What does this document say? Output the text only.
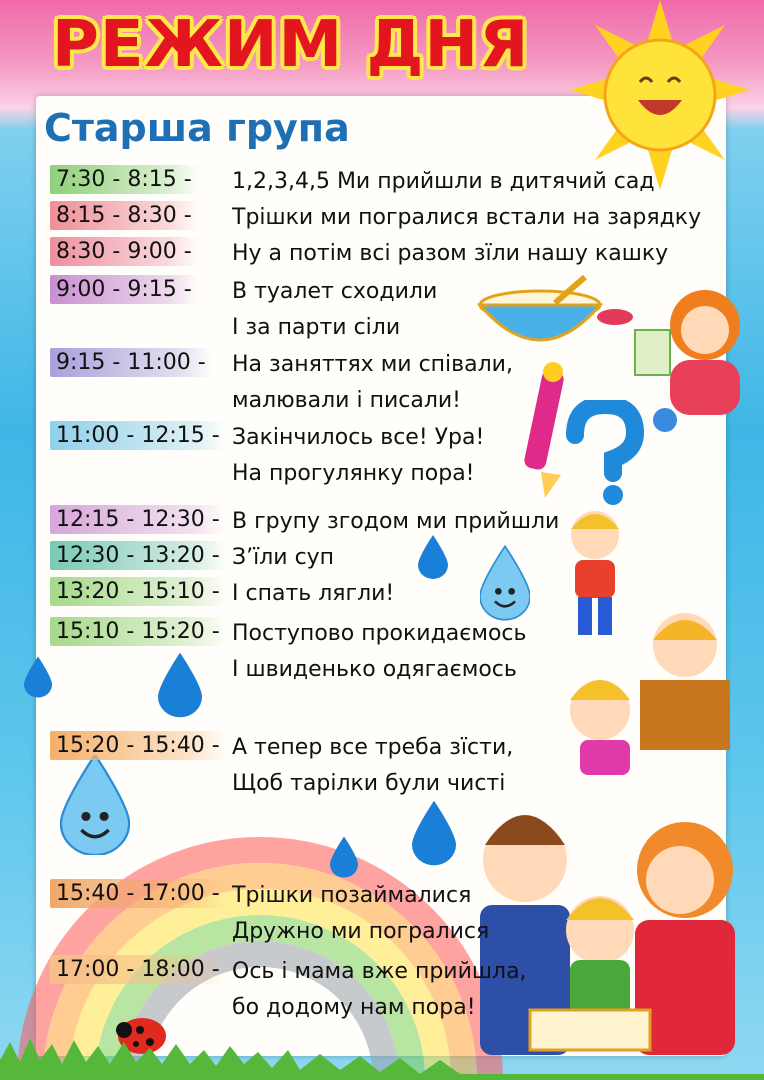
РЕЖИМ ДНЯ
Старша група
7:30 - 8:15 - 1,2,3,4,5 Ми прийшли в дитячий сад
8:15 - 8:30 - Трішки ми погралися встали на зарядку
8:30 - 9:00 - Ну а потім всі разом зїли нашу кашку
9:00 - 9:15 - В туалет сходили
І за парти сіли
9:15 - 11:00 - На заняттях ми співали,
малювали і писали!
11:00 - 12:15 - Закінчилось все! Ура!
На прогулянку пора!
12:15 - 12:30 - В групу згодом ми прийшли
12:30 - 13:20 - З’їли суп
13:20 - 15:10 - І спать лягли!
15:10 - 15:20 - Поступово прокидаємось
І швиденько одягаємось
15:20 - 15:40 - А тепер все треба зїсти,
Щоб тарілки були чисті
15:40 - 17:00 - Трішки позаймалися
Дружно ми погралися
17:00 - 18:00 - Ось і мама вже прийшла,
бо додому нам пора!
